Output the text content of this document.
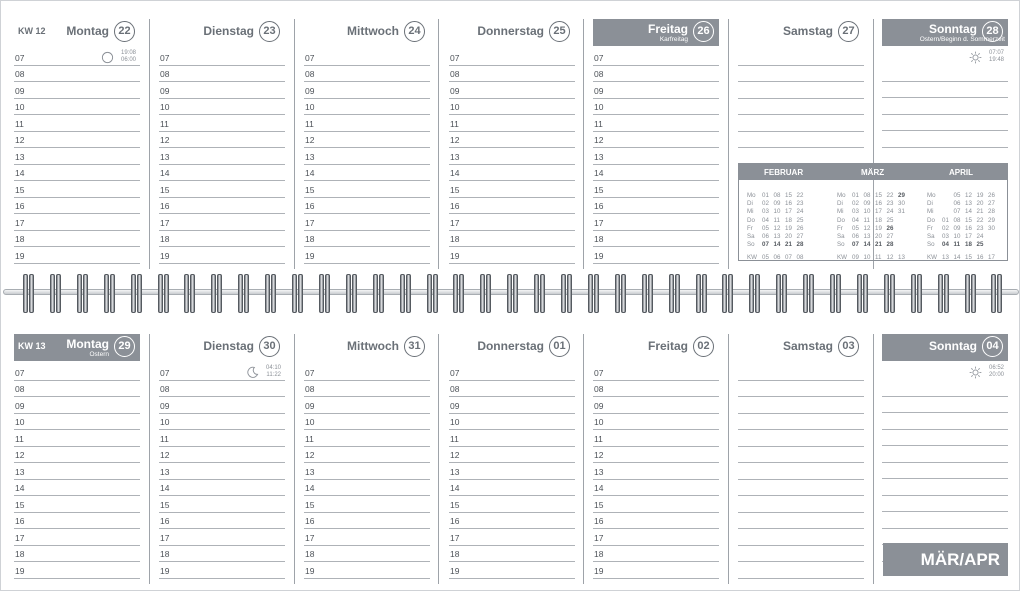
KW 12 Montag 22
19:08
06:00
07
08
09
10
11
12
13
14
15
16
17
18
19
Dienstag 23
07
08
09
10
11
12
13
14
15
16
17
18
19
Mittwoch 24
07
08
09
10
11
12
13
14
15
16
17
18
19
Donnerstag 25
07
08
09
10
11
12
13
14
15
16
17
18
19
Freitag 26
Karfreitag
07
08
09
10
11
12
13
14
15
16
17
18
19
Samstag 27	Sonntag 28
Ostern/Beginn d. Sommerzeit
07:07
19:48
KW 13 Montag 29
Ostern
07
08
09
10
11
12
13
14
15
16
17
18
19
Dienstag 30
04:10
11:22
07
08
09
10
11
12
13
14
15
16
17
18
19
Mittwoch 31
07
08
09
10
11
12
13
14
15
16
17
18
19
Donnerstag 01
07
08
09
10
11
12
13
14
15
16
17
18
19
Freitag 02
07
08
09
10
11
12
13
14
15
16
17
18
19
Samstag 03	Sonntag 04
06:52
20:00
FEBRUAR
Mo 01 08 15 22
Di 02 09 16 23
Mi 03 10 17 24
Do 04 11 18 25
Fr 05 12 19 26
Sa 06 13 20 27
So 07 14 21 28
KW 05 06 07 08
MÄRZ
Mo 01 08 15 22 29
Di 02 09 16 23 30
Mi 03 10 17 24 31
Do 04 11 18 25
Fr 05 12 19 26
Sa 06 13 20 27
So 07 14 21 28
KW 09 10 11 12 13
APRIL
Mo	05 12 19 26
Di	06 13 20 27
Mi	07 14 21 28
Do 01 08 15 22 29
Fr 02 09 16 23 30
Sa 03 10 17 24
So 04 11 18 25
KW 13 14 15 16 17
MÄR/APR
